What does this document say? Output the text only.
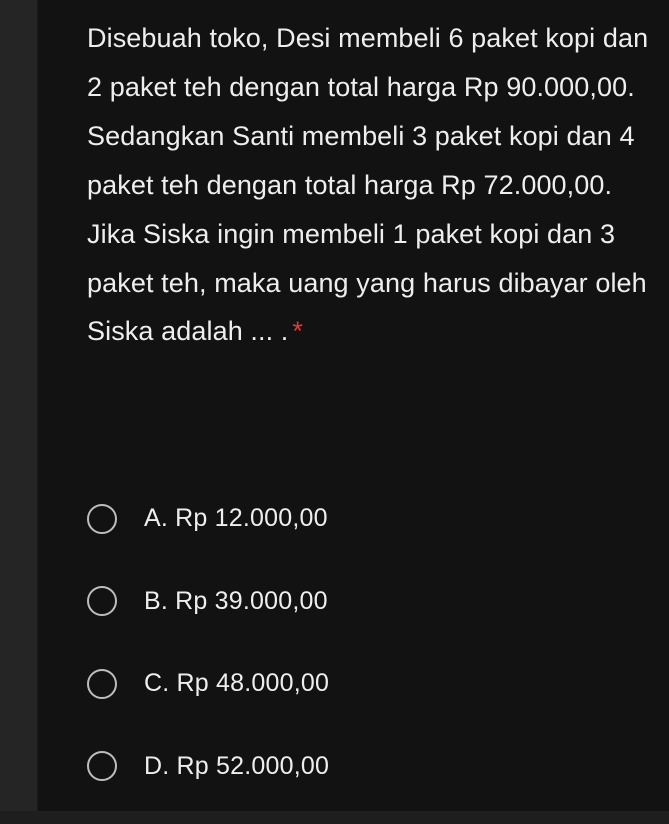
Disebuah toko, Desi membeli 6 paket kopi dan 2 paket teh dengan total harga Rp 90.000,00. Sedangkan Santi membeli 3 paket kopi dan 4 paket teh dengan total harga Rp 72.000,00. Jika Siska ingin membeli 1 paket kopi dan 3 paket teh, maka uang yang harus dibayar oleh Siska adalah ... . *
A. Rp 12.000,00
B. Rp 39.000,00
C. Rp 48.000,00
D. Rp 52.000,00
